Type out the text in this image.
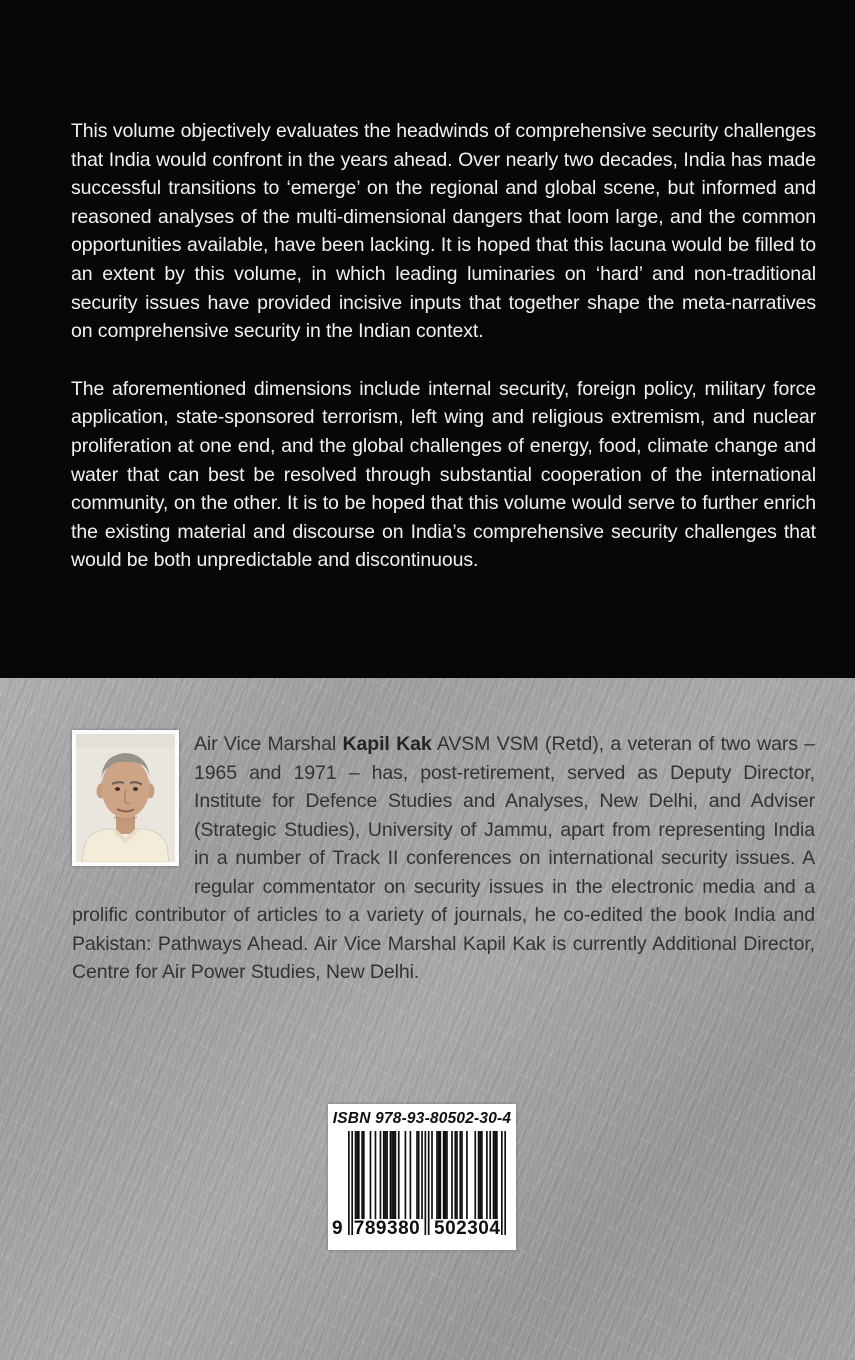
This volume objectively evaluates the headwinds of comprehensive security challenges that India would confront in the years ahead. Over nearly two decades, India has made successful transitions to ‘emerge’ on the regional and global scene, but informed and reasoned analyses of the multi-dimensional dangers that loom large, and the common opportunities available, have been lacking. It is hoped that this lacuna would be filled to an extent by this volume, in which leading luminaries on ‘hard’ and non-traditional security issues have provided incisive inputs that together shape the meta-narratives on comprehensive security in the Indian context.

The aforementioned dimensions include internal security, foreign policy, military force application, state-sponsored terrorism, left wing and religious extremism, and nuclear proliferation at one end, and the global challenges of energy, food, climate change and water that can best be resolved through substantial cooperation of the international community, on the other. It is to be hoped that this volume would serve to further enrich the existing material and discourse on India’s comprehensive security challenges that would be both unpredictable and discontinuous.

Air Vice Marshal Kapil Kak AVSM VSM (Retd), a veteran of two wars – 1965 and 1971 – has, post-retirement, served as Deputy Director, Institute for Defence Studies and Analyses, New Delhi, and Adviser (Strategic Studies), University of Jammu, apart from representing India in a number of Track II conferences on international security issues. A regular commentator on security issues in the electronic media and a prolific contributor of articles to a variety of journals, he co-edited the book India and Pakistan: Pathways Ahead. Air Vice Marshal Kapil Kak is currently Additional Director, Centre for Air Power Studies, New Delhi.

ISBN 978-93-80502-30-4
9 789380 502304
